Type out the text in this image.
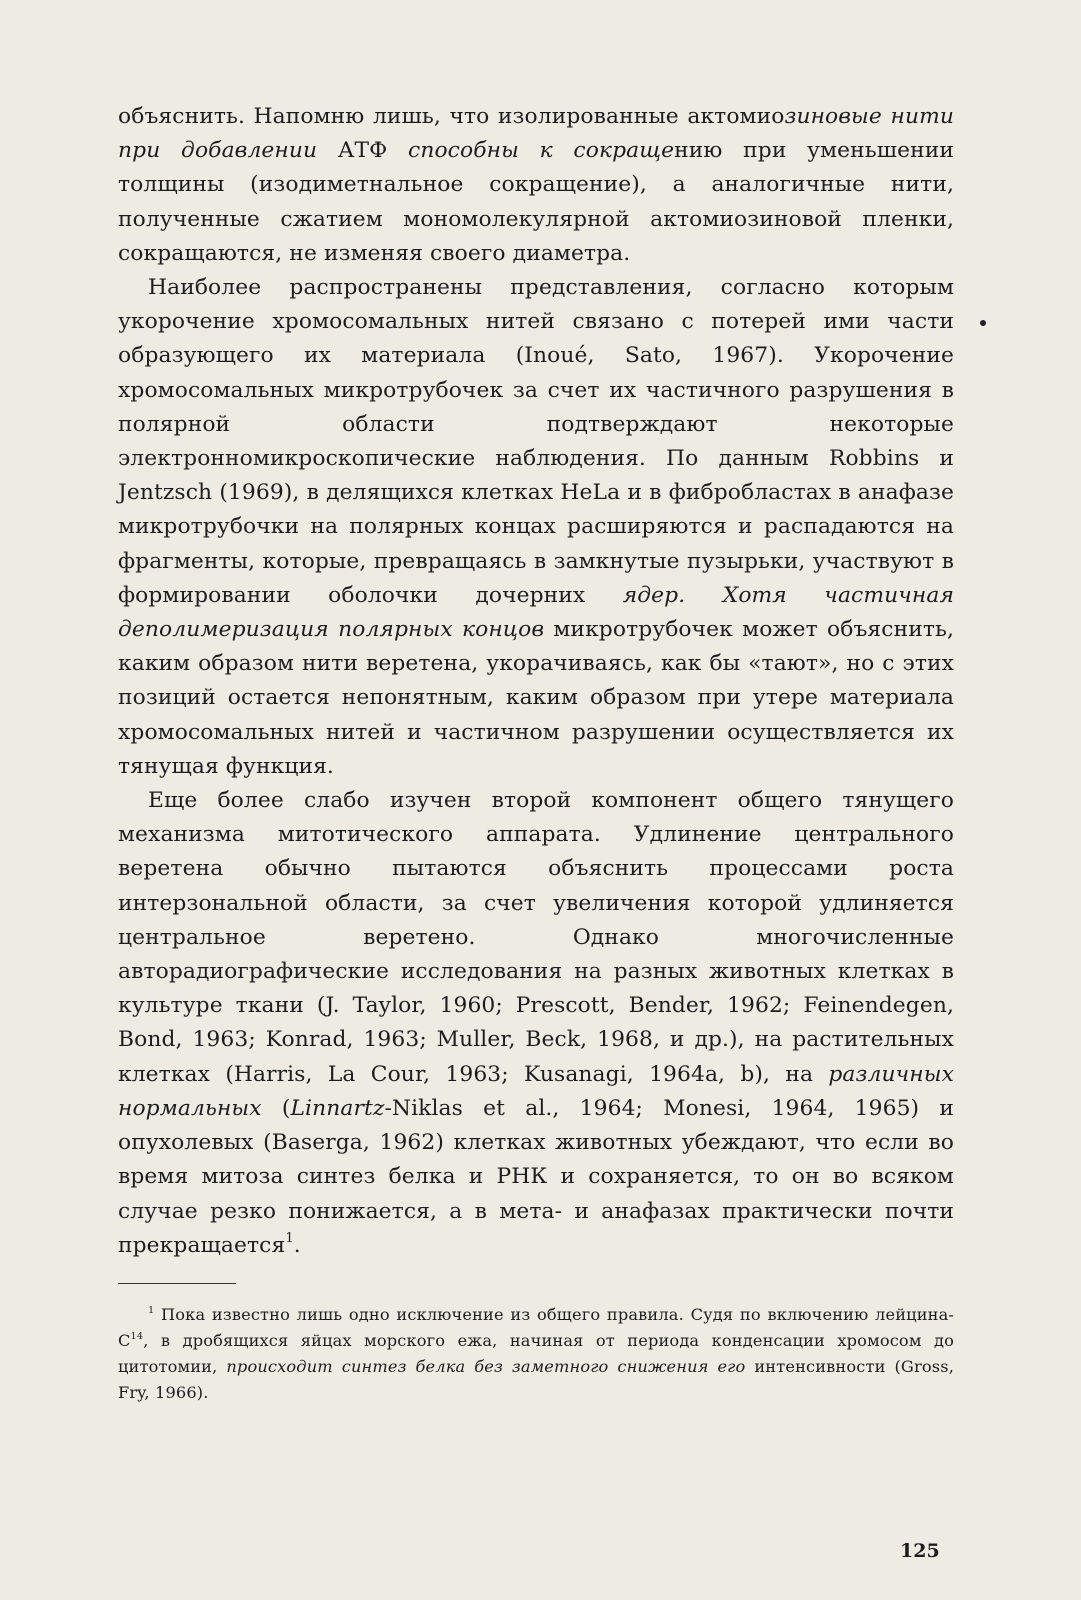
объяснить. Напомню лишь, что изолированные актомиозиновые нити при добавлении АТФ способны к сокращению при уменьшении толщины (изодиметнальное сокращение), а аналогичные нити, полученные сжатием мономолекулярной актомиозиновой пленки, сокращаются, не изменяя своего диаметра.

Наиболее распространены представления, согласно которым укорочение хромосомальных нитей связано с потерей ими части образующего их материала (Inoué, Sato, 1967). Укорочение хромосомальных микротрубочек за счет их частичного разрушения в полярной области подтверждают некоторые электронномикроскопические наблюдения. По данным Robbins и Jentzsch (1969), в делящихся клетках HeLa и в фибробластах в анафазе микротрубочки на полярных концах расширяются и распадаются на фрагменты, которые, превращаясь в замкнутые пузырьки, участвуют в формировании оболочки дочерних ядер. Хотя частичная деполимеризация полярных концов микротрубочек может объяснить, каким образом нити веретена, укорачиваясь, как бы «тают», но с этих позиций остается непонятным, каким образом при утере материала хромосомальных нитей и частичном разрушении осуществляется их тянущая функция.

Еще более слабо изучен второй компонент общего тянущего механизма митотического аппарата. Удлинение центрального веретена обычно пытаются объяснить процессами роста интерзональной области, за счет увеличения которой удлиняется центральное веретено. Однако многочисленные авторадиографические исследования на разных животных клетках в культуре ткани (J. Taylor, 1960; Prescott, Bender, 1962; Feinendegen, Bond, 1963; Konrad, 1963; Muller, Beck, 1968, и др.), на растительных клетках (Harris, La Cour, 1963; Kusanagi, 1964a, b), на различных нормальных (Linnartz-Niklas et al., 1964; Monesi, 1964, 1965) и опухолевых (Baserga, 1962) клетках животных убеждают, что если во время митоза синтез белка и РНК и сохраняется, то он во всяком случае резко понижается, а в мета- и анафазах практически почти прекращается$^1$.

$^1$ Пока известно лишь одно исключение из общего правила. Судя по включению лейцина-$C^{14}$, в дробящихся яйцах морского ежа, начиная от периода конденсации хромосом до цитотомии, происходит синтез белка без заметного снижения его интенсивности (Gross, Fry, 1966).

125
